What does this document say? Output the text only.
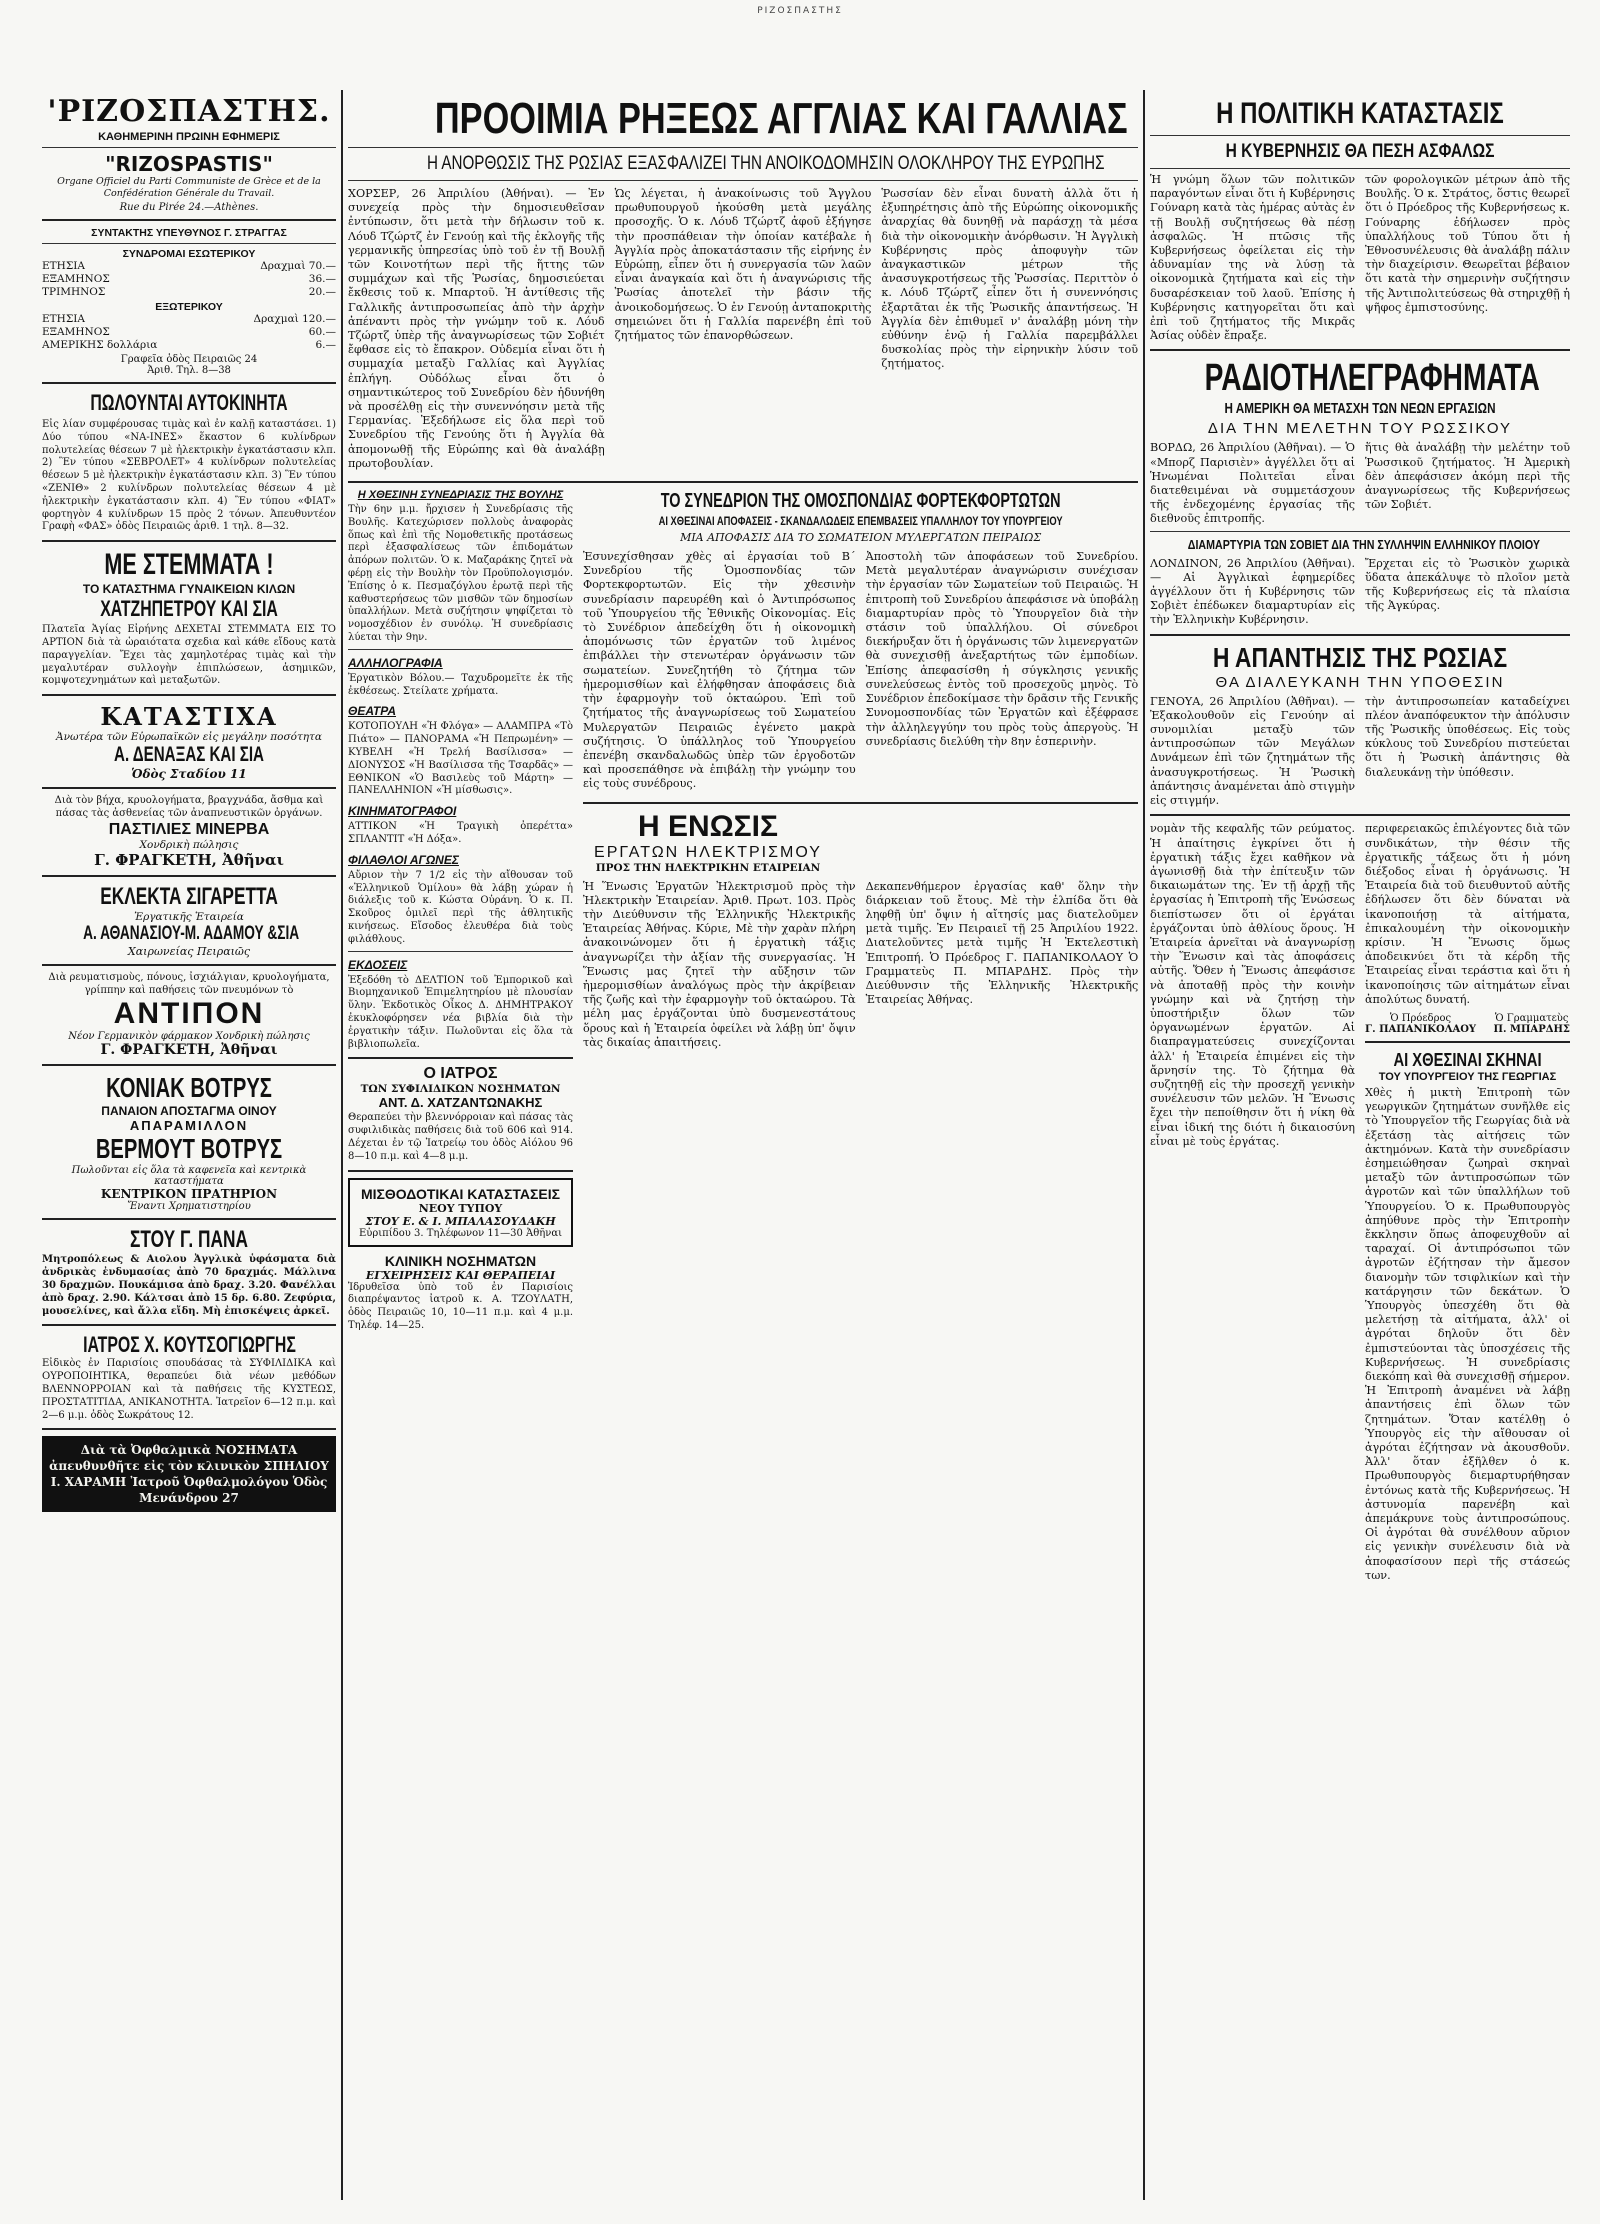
ΡΙΖΟΣΠΑΣΤΗΣ
'ΡΙΖΟΣΠΑΣΤΗΣ.
ΚΑΘΗΜΕΡΙΝΗ ΠΡΩΙΝΗ ΕΦΗΜΕΡΙΣ
"RIZOSPASTIS"
Organe Officiel du Parti Communiste de Grèce et de la Confédération Générale du Travail.
Rue du Pirée 24.—Athènes.
ΣΥΝΤΑΚΤΗΣ ΥΠΕΥΘΥΝΟΣ Γ. ΣΤΡΑΓΓΑΣ
ΣΥΝΔΡΟΜΑΙ ΕΣΩΤΕΡΙΚΟΥ
ΕΤΗΣΙΑ	Δραχμαὶ 70.—
ΕΞΑΜΗΝΟΣ	36.—
ΤΡΙΜΗΝΟΣ	20.—
ΕΞΩΤΕΡΙΚΟΥ
ΕΤΗΣΙΑ	Δραχμαὶ 120.—
ΕΞΑΜΗΝΟΣ	60.—
ΑΜΕΡΙΚΗΣ δολλάρια	6.—
Γραφεῖα ὁδὸς Πειραιῶς 24
Ἀριθ. Τηλ. 8—38
ΠΩΛΟΥΝΤΑΙ ΑΥΤΟΚΙΝΗΤΑ
Εἰς λίαν συμφέρουσας τιμὰς καὶ ἐν καλῇ καταστάσει. 1) Δύο τύπου «ΝΑ-ΙΝΕΣ» ἕκαστον 6 κυλίνδρων πολυτελείας θέσεων 7 μὲ ἠλεκτρικὴν ἐγκατάστασιν κλπ. 2) Ἓν τύπου «ΣΕΒΡΟΛΕΤ» 4 κυλίνδρων πολυτελείας θέσεων 5 μὲ ἠλεκτρικὴν ἐγκατάστασιν κλπ. 3) Ἓν τύπου «ΖΕΝΙΘ» 2 κυλίνδρων πολυτελείας θέσεων 4 μὲ ἠλεκτρικὴν ἐγκατάστασιν κλπ. 4) Ἓν τύπου «ΦΙΑΤ» φορτηγὸν 4 κυλίνδρων 15 πρὸς 2 τόνων. Ἀπευθυντέον Γραφὴ «ΦΑΣ» ὁδὸς Πειραιῶς ἀριθ. 1 τηλ. 8—32.
ΜΕ ΣΤΕΜΜΑΤΑ !
ΤΟ ΚΑΤΑΣΤΗΜΑ ΓΥΝΑΙΚΕΙΩΝ ΚΙΛΩΝ
ΧΑΤΖΗΠΕΤΡΟΥ ΚΑΙ ΣΙΑ
Πλατεῖα Ἁγίας Εἰρήνης ΔΕΧΕΤΑΙ ΣΤΕΜΜΑΤΑ ΕΙΣ ΤΟ ΑΡΤΙΟΝ διὰ τὰ ὡραιότατα σχεδια καὶ κάθε εἴδους κατὰ παραγγελίαν. Ἔχει τὰς χαμηλοτέρας τιμὰς καὶ τὴν μεγαλυτέραν συλλογὴν ἐπιπλώσεων, ἀσημικῶν, κομψοτεχνημάτων καὶ μεταξωτῶν.
ΚΑΤΑΣΤΙΧΑ
Ἀνωτέρα τῶν Εὐρωπαϊκῶν εἰς μεγάλην ποσότητα
Α. ΔΕΝΑΞΑΣ ΚΑΙ ΣΙΑ
Ὁδὸς Σταδίου 11
Διὰ τὸν βήχα, κρυολογήματα, βραγχνάδα, ἄσθμα καὶ πάσας τὰς ἀσθενείας τῶν ἀναπνευστικῶν ὀργάνων.
ΠΑΣΤΙΛΙΕΣ ΜΙΝΕΡΒΑ
Χονδρικὴ πώλησις
Γ. ΦΡΑΓΚΕΤΗ, Ἀθῆναι
ΕΚΛΕΚΤΑ ΣΙΓΑΡΕΤΤΑ
Ἐργατικῆς Ἑταιρεία
Α. ΑΘΑΝΑΣΙΟΥ-Μ. ΑΔΑΜΟΥ &ΣΙΑ
Χαιρωνείας Πειραιῶς
Διὰ ρευματισμοὺς, πόνους, ἰσχιάλγιαν, κρυολογήματα, γρίππην καὶ παθήσεις τῶν πνευμόνων τὸ
ΑΝΤΙΠΟΝ
Νέον Γερμανικὸν φάρμακον Χονδρικὴ πώλησις
Γ. ΦΡΑΓΚΕΤΗ, Ἀθῆναι
ΚΟΝΙΑΚ ΒΟΤΡΥΣ
ΠΑΝΑΙΟΝ ΑΠΟΣΤΑΓΜΑ ΟΙΝΟΥ
ΑΠΑΡΑΜΙΛΛΟΝ
ΒΕΡΜΟΥΤ ΒΟΤΡΥΣ
Πωλοῦνται εἰς ὅλα τὰ καφενεῖα καὶ κεντρικὰ καταστήματα
ΚΕΝΤΡΙΚΟΝ ΠΡΑΤΗΡΙΟΝ
Ἔναντι Χρηματιστηρίου
ΣΤΟΥ Γ. ΠΑΝΑ
Μητροπόλεως & Αιολου Ἀγγλικὰ ὑφάσματα διὰ ἀνδρικὰς ἐνδυμασίας ἀπὸ 70 δραχμάς. Μάλλινα 30 δραχμῶν. Πουκάμισα ἀπὸ δραχ. 3.20. Φανέλλαι ἀπὸ δραχ. 2.90. Κάλτσαι ἀπὸ 15 δρ. 6.80. Ζεφύρια, μουσελίνες, καὶ ἄλλα εἴδη. Μὴ ἐπισκέψεις ἀρκεῖ.
ΙΑΤΡΟΣ Χ. ΚΟΥΤΣΟΓΙΩΡΓΗΣ
Εἰδικὸς ἐν Παρισίοις σπουδάσας τὰ ΣΥΦΙΛΙΔΙΚΑ καὶ ΟΥΡΟΠΟΙΗΤΙΚΑ, θεραπεύει διὰ νέων μεθόδων ΒΛΕΝΝΟΡΡΟΙΑΝ καὶ τὰ παθήσεις τῆς ΚΥΣΤΕΩΣ, ΠΡΟΣΤΑΤΙΤΙΔΑ, ΑΝΙΚΑΝΟΤΗΤΑ. Ἰατρεῖον 6—12 π.μ. καὶ 2—6 μ.μ. ὁδὸς Σωκράτους 12.
Διὰ τὰ Ὀφθαλμικὰ ΝΟΣΗΜΑΤΑ ἀπευθυνθῆτε εἰς τὸν κλινικὸν ΣΠΗΛΙΟΥ Ι. ΧΑΡΑΜΗ Ἰατροῦ Ὀφθαλμολόγου Ὁδὸς Μενάνδρου 27
ΠΡΟΟΙΜΙΑ ΡΗΞΕΩΣ ΑΓΓΛΙΑΣ ΚΑΙ ΓΑΛΛΙΑΣ
Η ΑΝΟΡΘΩΣΙΣ ΤΗΣ ΡΩΣΙΑΣ ΕΞΑΣΦΑΛΙΖΕΙ ΤΗΝ ΑΝΟΙΚΟΔΟΜΗΣΙΝ ΟΛΟΚΛΗΡΟΥ ΤΗΣ ΕΥΡΩΠΗΣ
ΧΟΡΣΕΡ, 26 Ἀπριλίου (Ἀθήναι). — Ἐν συνεχείᾳ πρὸς τὴν δημοσιευθεῖσαν ἐντύπωσιν, ὅτι μετὰ τὴν δήλωσιν τοῦ κ. Λόυδ Τζώρτζ ἐν Γενούῃ καὶ τῆς ἐκλογῆς τῆς γερμανικῆς ὑπηρεσίας ὑπὸ τοῦ ἐν τῇ Βουλῇ τῶν Κοινοτήτων περὶ τῆς ἥττης τῶν συμμάχων καὶ τῆς Ῥωσίας, δημοσιεύεται ἔκθεσις τοῦ κ. Μπαρτοῦ. Ἡ ἀντίθεσις τῆς Γαλλικῆς ἀντιπροσωπείας ἀπὸ τὴν ἀρχὴν ἀπέναντι πρὸς τὴν γνώμην τοῦ κ. Λόυδ Τζώρτζ ὑπὲρ τῆς ἀναγνωρίσεως τῶν Σοβιέτ ἔφθασε εἰς τὸ ἔπακρον. Οὐδεμία εἶναι ὅτι ἡ συμμαχία μεταξὺ Γαλλίας καὶ Ἀγγλίας ἐπλήγη. Οὐδόλως εἶναι ὅτι ὁ σημαντικώτερος τοῦ Συνεδρίου δὲν ἠδυνήθη νὰ προσέλθῃ εἰς τὴν συνεννόησιν μετὰ τῆς Γερμανίας. Ἐξεδήλωσε εἰς ὅλα περὶ τοῦ Συνεδρίου τῆς Γενούης ὅτι ἡ Ἀγγλία θὰ ἀπομονωθῇ τῆς Εὐρώπης καὶ θὰ ἀναλάβῃ πρωτοβουλίαν.
Ὡς λέγεται, ἡ ἀνακοίνωσις τοῦ Ἄγγλου πρωθυπουργοῦ ἠκούσθη μετὰ μεγάλης προσοχῆς. Ὁ κ. Λόυδ Τζώρτζ ἀφοῦ ἐξήγησε τὴν προσπάθειαν τὴν ὁποίαν κατέβαλε ἡ Ἀγγλία πρὸς ἀποκατάστασιν τῆς εἰρήνης ἐν Εὐρώπῃ, εἶπεν ὅτι ἡ συνεργασία τῶν λαῶν εἶναι ἀναγκαία καὶ ὅτι ἡ ἀναγνώρισις τῆς Ῥωσίας ἀποτελεῖ τὴν βάσιν τῆς ἀνοικοδομήσεως. Ὁ ἐν Γενούῃ ἀνταποκριτὴς σημειώνει ὅτι ἡ Γαλλία παρενέβη ἐπὶ τοῦ ζητήματος τῶν ἐπανορθώσεων.
Ῥωσσίαν δὲν εἶναι δυνατὴ ἀλλὰ ὅτι ἡ ἐξυπηρέτησις ἀπὸ τῆς Εὐρώπης οἰκονομικῆς ἀναρχίας θὰ δυνηθῇ νὰ παράσχῃ τὰ μέσα διὰ τὴν οἰκονομικὴν ἀνόρθωσιν. Ἡ Ἀγγλικὴ Κυβέρνησις πρὸς ἀποφυγὴν τῶν ἀναγκαστικῶν μέτρων τῆς ἀνασυγκροτήσεως τῆς Ῥωσσίας. Περιττὸν ὁ κ. Λόυδ Τζώρτζ εἶπεν ὅτι ἡ συνεννόησις ἐξαρτᾶται ἐκ τῆς Ῥωσικῆς ἀπαντήσεως. Ἡ Ἀγγλία δὲν ἐπιθυμεῖ ν' ἀναλάβῃ μόνη τὴν εὐθύνην ἐνῷ ἡ Γαλλία παρεμβάλλει δυσκολίας πρὸς τὴν εἰρηνικὴν λύσιν τοῦ ζητήματος.
Η ΧΘΕΣΙΝΗ ΣΥΝΕΔΡΙΑΣΙΣ ΤΗΣ ΒΟΥΛΗΣ
Τὴν 6ην μ.μ. ἤρχισεν ἡ Συνεδρίασις τῆς Βουλῆς. Κατεχώρισεν πολλοὺς ἀναφορὰς ὅπως καὶ ἐπὶ τῆς Νομοθετικῆς προτάσεως περὶ ἐξασφαλίσεως τῶν ἐπιδομάτων ἀπόρων πολιτῶν. Ὁ κ. Μαζαράκης ζητεῖ νὰ φέρῃ εἰς τὴν Βουλὴν τὸν Προϋπολογισμόν. Ἐπίσης ὁ κ. Πεσμαζόγλου ἐρωτᾷ περὶ τῆς καθυστερήσεως τῶν μισθῶν τῶν δημοσίων ὑπαλλήλων. Μετὰ συζήτησιν ψηφίζεται τὸ νομοσχέδιον ἐν συνόλῳ. Ἡ συνεδρίασις λύεται τὴν 9ην.
ΑΛΛΗΛΟΓΡΑΦΙΑ
Ἐργατικὸν Βόλου.— Ταχυδρομεῖτε ἐκ τῆς ἐκθέσεως. Στείλατε χρήματα.
ΘΕΑΤΡΑ
ΚΟΤΟΠΟΥΛΗ «Ἡ Φλόγα» — ΑΛΑΜΠΡΑ «Τὸ Πιάτο» — ΠΑΝΟΡΑΜΑ «Ἡ Πεπρωμένη» — ΚΥΒΕΛΗ «Ἡ Τρελή Βασίλισσα» — ΔΙΟΝΥΣΟΣ «Ἡ Βασίλισσα τῆς Τσαρδᾶς» — ΕΘΝΙΚΟΝ «Ὁ Βασιλεὺς τοῦ Μάρτη» — ΠΑΝΕΛΛΗΝΙΟΝ «Ἡ μίσθωσις».
ΚΙΝΗΜΑΤΟΓΡΑΦΟΙ
ΑΤΤΙΚΟΝ «Ἡ Τραγικὴ ὀπερέττα» ΣΠΛΑΝΤΙΤ «Ἡ Δόξα».
ΦΙΛΑΘΛΟΙ ΑΓΩΝΕΣ
Αὔριον τὴν 7 1/2 εἰς τὴν αἴθουσαν τοῦ «Ἑλληνικοῦ Ὁμίλου» θὰ λάβῃ χώραν ἡ διάλεξις τοῦ κ. Κώστα Οὐράνη. Ὁ κ. Π. Σκοῦρος ὁμιλεῖ περὶ τῆς ἀθλητικῆς κινήσεως. Εἴσοδος ἐλευθέρα διὰ τοὺς φιλάθλους.
ΕΚΔΟΣΕΙΣ
Ἐξεδόθη τὸ ΔΕΛΤΙΟΝ τοῦ Ἐμπορικοῦ καὶ Βιομηχανικοῦ Ἐπιμελητηρίου μὲ πλουσίαν ὕλην. Ἐκδοτικὸς Οἶκος Δ. ΔΗΜΗΤΡΑΚΟΥ ἐκυκλοφόρησεν νέα βιβλία διὰ τὴν ἐργατικὴν τάξιν. Πωλοῦνται εἰς ὅλα τὰ βιβλιοπωλεῖα.
Ο ΙΑΤΡΟΣ
ΤΩΝ ΣΥΦΙΛΙΔΙΚΩΝ ΝΟΣΗΜΑΤΩΝ
ΑΝΤ. Δ. ΧΑΤΖΑΝΤΩΝΑΚΗΣ
Θεραπεύει τὴν βλεννόρροιαν καὶ πάσας τὰς συφιλιδικὰς παθήσεις διὰ τοῦ 606 καὶ 914. Δέχεται ἐν τῷ Ἰατρείῳ του ὁδὸς Αἰόλου 96 8—10 π.μ. καὶ 4—8 μ.μ.
ΜΙΣΘΟΔΟΤΙΚΑΙ ΚΑΤΑΣΤΑΣΕΙΣ
ΝΕΟΥ ΤΥΠΟΥ
ΣΤΟΥ Ε. & Ι. ΜΠΑΛΑΣΟΥΔΑΚΗ
Εὐριπίδου 3. Τηλέφωνον 11—30 Ἀθῆναι
ΚΛΙΝΙΚΗ ΝΟΣΗΜΑΤΩΝ
ΕΓΧΕΙΡΗΣΕΙΣ ΚΑΙ ΘΕΡΑΠΕΙΑΙ
Ἱδρυθεῖσα ὑπὸ τοῦ ἐν Παρισίοις διαπρέψαντος ἰατροῦ κ. Α. ΤΖΟΥΛΑΤΗ, ὁδὸς Πειραιῶς 10, 10—11 π.μ. καὶ 4 μ.μ. Τηλέφ. 14—25.
ΤΟ ΣΥΝΕΔΡΙΟΝ ΤΗΣ ΟΜΟΣΠΟΝΔΙΑΣ ΦΟΡΤΕΚΦΟΡΤΩΤΩΝ
ΑΙ ΧΘΕΣΙΝΑΙ ΑΠΟΦΑΣΕΙΣ - ΣΚΑΝΔΑΛΩΔΕΙΣ ΕΠΕΜΒΑΣΕΙΣ ΥΠΑΛΛΗΛΟΥ ΤΟΥ ΥΠΟΥΡΓΕΙΟΥ
ΜΙΑ ΑΠΟΦΑΣΙΣ ΔΙΑ ΤΟ ΣΩΜΑΤΕΙΟΝ ΜΥΛΕΡΓΑΤΩΝ ΠΕΙΡΑΙΩΣ
Ἐσυνεχίσθησαν χθὲς αἱ ἐργασίαι τοῦ Β΄ Συνεδρίου τῆς Ὁμοσπονδίας τῶν Φορτεκφορτωτῶν. Εἰς τὴν χθεσινὴν συνεδρίασιν παρευρέθη καὶ ὁ Ἀντιπρόσωπος τοῦ Ὑπουργείου τῆς Ἐθνικῆς Οἰκονομίας. Εἰς τὸ Συνέδριον ἀπεδείχθη ὅτι ἡ οἰκονομικὴ ἀπομόνωσις τῶν ἐργατῶν τοῦ λιμένος ἐπιβάλλει τὴν στενωτέραν ὀργάνωσιν τῶν σωματείων. Συνεζητήθη τὸ ζήτημα τῶν ἡμερομισθίων καὶ ἐλήφθησαν ἀποφάσεις διὰ τὴν ἐφαρμογὴν τοῦ ὀκταώρου. Ἐπὶ τοῦ ζητήματος τῆς ἀναγνωρίσεως τοῦ Σωματείου Μυλεργατῶν Πειραιῶς ἐγένετο μακρὰ συζήτησις. Ὁ ὑπάλληλος τοῦ Ὑπουργείου ἐπενέβη σκανδαλωδῶς ὑπὲρ τῶν ἐργοδοτῶν καὶ προσεπάθησε νὰ ἐπιβάλῃ τὴν γνώμην του εἰς τοὺς συνέδρους.
Ἀποστολὴ τῶν ἀποφάσεων τοῦ Συνεδρίου. Μετὰ μεγαλυτέραν ἀναγνώρισιν συνέχισαν τὴν ἐργασίαν τῶν Σωματείων τοῦ Πειραιῶς. Ἡ ἐπιτροπὴ τοῦ Συνεδρίου ἀπεφάσισε νὰ ὑποβάλῃ διαμαρτυρίαν πρὸς τὸ Ὑπουργεῖον διὰ τὴν στάσιν τοῦ ὑπαλλήλου. Οἱ σύνεδροι διεκήρυξαν ὅτι ἡ ὀργάνωσις τῶν λιμενεργατῶν θὰ συνεχισθῇ ἀνεξαρτήτως τῶν ἐμποδίων. Ἐπίσης ἀπεφασίσθη ἡ σύγκλησις γενικῆς συνελεύσεως ἐντὸς τοῦ προσεχοῦς μηνὸς. Τὸ Συνέδριον ἐπεδοκίμασε τὴν δρᾶσιν τῆς Γενικῆς Συνομοσπονδίας τῶν Ἐργατῶν καὶ ἐξέφρασε τὴν ἀλληλεγγύην του πρὸς τοὺς ἀπεργοὺς. Ἡ συνεδρίασις διελύθη τὴν 8ην ἑσπερινὴν.
Η ΕΝΩΣΙΣ
ΕΡΓΑΤΩΝ ΗΛΕΚΤΡΙΣΜΟΥ
ΠΡΟΣ ΤΗΝ ΗΛΕΚΤΡΙΚΗΝ ΕΤΑΙΡΕΙΑΝ
Ἡ Ἕνωσις Ἐργατῶν Ἠλεκτρισμοῦ πρὸς τὴν Ἠλεκτρικὴν Ἑταιρείαν. Ἀριθ. Πρωτ. 103. Πρὸς τὴν Διεύθυνσιν τῆς Ἑλληνικῆς Ἠλεκτρικῆς Ἑταιρείας Ἀθήνας. Κύριε, Μὲ τὴν χαρὰν πλήρη ἀνακοινώνομεν ὅτι ἡ ἐργατικὴ τάξις ἀναγνωρίζει τὴν ἀξίαν τῆς συνεργασίας. Ἡ Ἕνωσις μας ζητεῖ τὴν αὔξησιν τῶν ἡμερομισθίων ἀναλόγως πρὸς τὴν ἀκρίβειαν τῆς ζωῆς καὶ τὴν ἐφαρμογὴν τοῦ ὀκταώρου. Τὰ μέλη μας ἐργάζονται ὑπὸ δυσμενεστάτους ὅρους καὶ ἡ Ἑταιρεία ὀφείλει νὰ λάβῃ ὑπ' ὄψιν τὰς δικαίας ἀπαιτήσεις.
Δεκαπενθήμερον ἐργασίας καθ' ὅλην τὴν διάρκειαν τοῦ ἔτους. Μὲ τὴν ἐλπίδα ὅτι θὰ ληφθῇ ὑπ' ὄψιν ἡ αἴτησίς μας διατελοῦμεν μετὰ τιμῆς. Ἐν Πειραιεῖ τῇ 25 Ἀπριλίου 1922. Διατελοῦντες μετὰ τιμῆς Ἡ Ἐκτελεστικὴ Ἐπιτροπή. Ὁ Πρόεδρος Γ. ΠΑΠΑΝΙΚΟΛΑΟΥ Ὁ Γραμματεὺς Π. ΜΠΑΡΔΗΣ. Πρὸς τὴν Διεύθυνσιν τῆς Ἑλληνικῆς Ἠλεκτρικῆς Ἑταιρείας Ἀθήνας.
Η ΠΟΛΙΤΙΚΗ ΚΑΤΑΣΤΑΣΙΣ
Η ΚΥΒΕΡΝΗΣΙΣ ΘΑ ΠΕΣΗ ΑΣΦΑΛΩΣ
Ἡ γνώμη ὅλων τῶν πολιτικῶν παραγόντων εἶναι ὅτι ἡ Κυβέρνησις Γούναρη κατὰ τὰς ἡμέρας αὐτὰς ἐν τῇ Βουλῇ συζητήσεως θὰ πέσῃ ἀσφαλῶς. Ἡ πτῶσις τῆς Κυβερνήσεως ὀφείλεται εἰς τὴν ἀδυναμίαν της νὰ λύσῃ τὰ οἰκονομικὰ ζητήματα καὶ εἰς τὴν δυσαρέσκειαν τοῦ λαοῦ. Ἐπίσης ἡ Κυβέρνησις κατηγορεῖται ὅτι καὶ ἐπὶ τοῦ ζητήματος τῆς Μικρᾶς Ἀσίας οὐδὲν ἔπραξε.
τῶν φορολογικῶν μέτρων ἀπὸ τῆς Βουλῆς. Ὁ κ. Στράτος, ὅστις θεωρεῖ ὅτι ὁ Πρόεδρος τῆς Κυβερνήσεως κ. Γούναρης ἐδήλωσεν πρὸς ὑπαλλήλους τοῦ Τύπου ὅτι ἡ Ἐθνοσυνέλευσις θὰ ἀναλάβῃ πάλιν τὴν διαχείρισιν. Θεωρεῖται βέβαιον ὅτι κατὰ τὴν σημερινὴν συζήτησιν τῆς Ἀντιπολιτεύσεως θὰ στηριχθῇ ἡ ψῆφος ἐμπιστοσύνης.
ΡΑΔΙΟΤΗΛΕΓΡΑΦΗΜΑΤΑ
Η ΑΜΕΡΙΚΗ ΘΑ ΜΕΤΑΣΧΗ ΤΩΝ ΝΕΩΝ ΕΡΓΑΣΙΩΝ
ΔΙΑ ΤΗΝ ΜΕΛΕΤΗΝ ΤΟΥ ΡΩΣΣΙΚΟΥ
ΒΟΡΔΩ, 26 Ἀπριλίου (Ἀθῆναι). — Ὁ «Μπορζ Παρισιὲν» ἀγγέλλει ὅτι αἱ Ἡνωμέναι Πολιτεῖαι εἶναι διατεθειμέναι νὰ συμμετάσχουν τῆς ἐνδεχομένης ἐργασίας τῆς διεθνοῦς ἐπιτροπῆς.
ἥτις θὰ ἀναλάβῃ τὴν μελέτην τοῦ Ῥωσσικοῦ ζητήματος. Ἡ Ἀμερικὴ δὲν ἀπεφάσισεν ἀκόμη περὶ τῆς ἀναγνωρίσεως τῆς Κυβερνήσεως τῶν Σοβιέτ.
ΔΙΑΜΑΡΤΥΡΙΑ ΤΩΝ ΣΟΒΙΕΤ ΔΙΑ ΤΗΝ ΣΥΛΛΗΨΙΝ ΕΛΛΗΝΙΚΟΥ ΠΛΟΙΟΥ
ΛΟΝΔΙΝΟΝ, 26 Ἀπριλίου (Ἀθῆναι). — Αἱ Ἀγγλικαὶ ἐφημερίδες ἀγγέλλουν ὅτι ἡ Κυβέρνησις τῶν Σοβιὲτ ἐπέδωκεν διαμαρτυρίαν εἰς τὴν Ἑλληνικὴν Κυβέρνησιν.
Ἔρχεται εἰς τὸ Ῥωσικὸν χωρικὰ ὕδατα ἀπεκάλυψε τὸ πλοῖον μετὰ τῆς Κυβερνήσεως εἰς τὰ πλαίσια τῆς Ἀγκύρας.
Η ΑΠΑΝΤΗΣΙΣ ΤΗΣ ΡΩΣΙΑΣ
ΘΑ ΔΙΑΛΕΥΚΑΝΗ ΤΗΝ ΥΠΟΘΕΣΙΝ
ΓΕΝΟΥΑ, 26 Ἀπριλίου (Ἀθῆναι). — Ἐξακολουθοῦν εἰς Γενούην αἱ συνομιλίαι μεταξὺ τῶν ἀντιπροσώπων τῶν Μεγάλων Δυνάμεων ἐπὶ τῶν ζητημάτων τῆς ἀνασυγκροτήσεως. Ἡ Ῥωσικὴ ἀπάντησις ἀναμένεται ἀπὸ στιγμὴν εἰς στιγμήν.
τὴν ἀντιπροσωπείαν καταδείχνει πλέον ἀναπόφευκτον τὴν ἀπόλυσιν τῆς Ῥωσικῆς ὑποθέσεως. Εἰς τοὺς κύκλους τοῦ Συνεδρίου πιστεύεται ὅτι ἡ Ῥωσικὴ ἀπάντησις θὰ διαλευκάνῃ τὴν ὑπόθεσιν.
νομὰν τῆς κεφαλῆς τῶν ρεύματος. Ἡ ἀπαίτησις ἐγκρίνει ὅτι ἡ ἐργατικὴ τάξις ἔχει καθῆκον νὰ ἀγωνισθῇ διὰ τὴν ἐπίτευξιν τῶν δικαιωμάτων της. Ἐν τῇ ἀρχῇ τῆς ἐργασίας ἡ Ἐπιτροπὴ τῆς Ἑνώσεως διεπίστωσεν ὅτι οἱ ἐργάται ἐργάζονται ὑπὸ ἀθλίους ὅρους. Ἡ Ἑταιρεία ἀρνεῖται νὰ ἀναγνωρίσῃ τὴν Ἕνωσιν καὶ τὰς ἀποφάσεις αὐτῆς. Ὅθεν ἡ Ἕνωσις ἀπεφάσισε νὰ ἀποταθῇ πρὸς τὴν κοινὴν γνώμην καὶ νὰ ζητήσῃ τὴν ὑποστήριξιν ὅλων τῶν ὀργανωμένων ἐργατῶν. Αἱ διαπραγματεύσεις συνεχίζονται ἀλλ' ἡ Ἑταιρεία ἐπιμένει εἰς τὴν ἄρνησίν της. Τὸ ζήτημα θὰ συζητηθῇ εἰς τὴν προσεχῆ γενικὴν συνέλευσιν τῶν μελῶν. Ἡ Ἕνωσις ἔχει τὴν πεποίθησιν ὅτι ἡ νίκη θὰ εἶναι ἰδική της διότι ἡ δικαιοσύνη εἶναι μὲ τοὺς ἐργάτας.
περιφερειακῶς ἐπιλέγοντες διὰ τῶν συνδικάτων, τὴν θέσιν τῆς ἐργατικῆς τάξεως ὅτι ἡ μόνη διέξοδος εἶναι ἡ ὀργάνωσις. Ἡ Ἑταιρεία διὰ τοῦ διευθυντοῦ αὐτῆς ἐδήλωσεν ὅτι δὲν δύναται νὰ ἱκανοποιήσῃ τὰ αἰτήματα, ἐπικαλουμένη τὴν οἰκονομικὴν κρίσιν. Ἡ Ἕνωσις ὅμως ἀποδεικνύει ὅτι τὰ κέρδη τῆς Ἑταιρείας εἶναι τεράστια καὶ ὅτι ἡ ἱκανοποίησις τῶν αἰτημάτων εἶναι ἀπολύτως δυνατή.
Ὁ Πρόεδρος
Γ. ΠΑΠΑΝΙΚΟΛΑΟΥ
Ὁ Γραμματεὺς
Π. ΜΠΑΡΔΗΣ
ΑΙ ΧΘΕΣΙΝΑΙ ΣΚΗΝΑΙ
ΤΟΥ ΥΠΟΥΡΓΕΙΟΥ ΤΗΣ ΓΕΩΡΓΙΑΣ
Χθὲς ἡ μικτὴ Ἐπιτροπὴ τῶν γεωργικῶν ζητημάτων συνῆλθε εἰς τὸ Ὑπουργεῖον τῆς Γεωργίας διὰ νὰ ἐξετάσῃ τὰς αἰτήσεις τῶν ἀκτημόνων. Κατὰ τὴν συνεδρίασιν ἐσημειώθησαν ζωηραὶ σκηναὶ μεταξὺ τῶν ἀντιπροσώπων τῶν ἀγροτῶν καὶ τῶν ὑπαλλήλων τοῦ Ὑπουργείου. Ὁ κ. Πρωθυπουργὸς ἀπηύθυνε πρὸς τὴν Ἐπιτροπὴν ἔκκλησιν ὅπως ἀποφευχθοῦν αἱ ταραχαί. Οἱ ἀντιπρόσωποι τῶν ἀγροτῶν ἐζήτησαν τὴν ἄμεσον διανομὴν τῶν τσιφλικίων καὶ τὴν κατάργησιν τῶν δεκάτων. Ὁ Ὑπουργὸς ὑπεσχέθη ὅτι θὰ μελετήσῃ τὰ αἰτήματα, ἀλλ' οἱ ἀγρόται δηλοῦν ὅτι δὲν ἐμπιστεύονται τὰς ὑποσχέσεις τῆς Κυβερνήσεως. Ἡ συνεδρίασις διεκόπη καὶ θὰ συνεχισθῇ σήμερον. Ἡ Ἐπιτροπὴ ἀναμένει νὰ λάβῃ ἀπαντήσεις ἐπὶ ὅλων τῶν ζητημάτων. Ὅταν κατέλθῃ ὁ Ὑπουργὸς εἰς τὴν αἴθουσαν οἱ ἀγρόται ἐζήτησαν νὰ ἀκουσθοῦν. Ἀλλ' ὅταν ἐξῆλθεν ὁ κ. Πρωθυπουργὸς διεμαρτυρήθησαν ἐντόνως κατὰ τῆς Κυβερνήσεως. Ἡ ἀστυνομία παρενέβη καὶ ἀπεμάκρυνε τοὺς ἀντιπροσώπους. Οἱ ἀγρόται θὰ συνέλθουν αὔριον εἰς γενικὴν συνέλευσιν διὰ νὰ ἀποφασίσουν περὶ τῆς στάσεώς των.
